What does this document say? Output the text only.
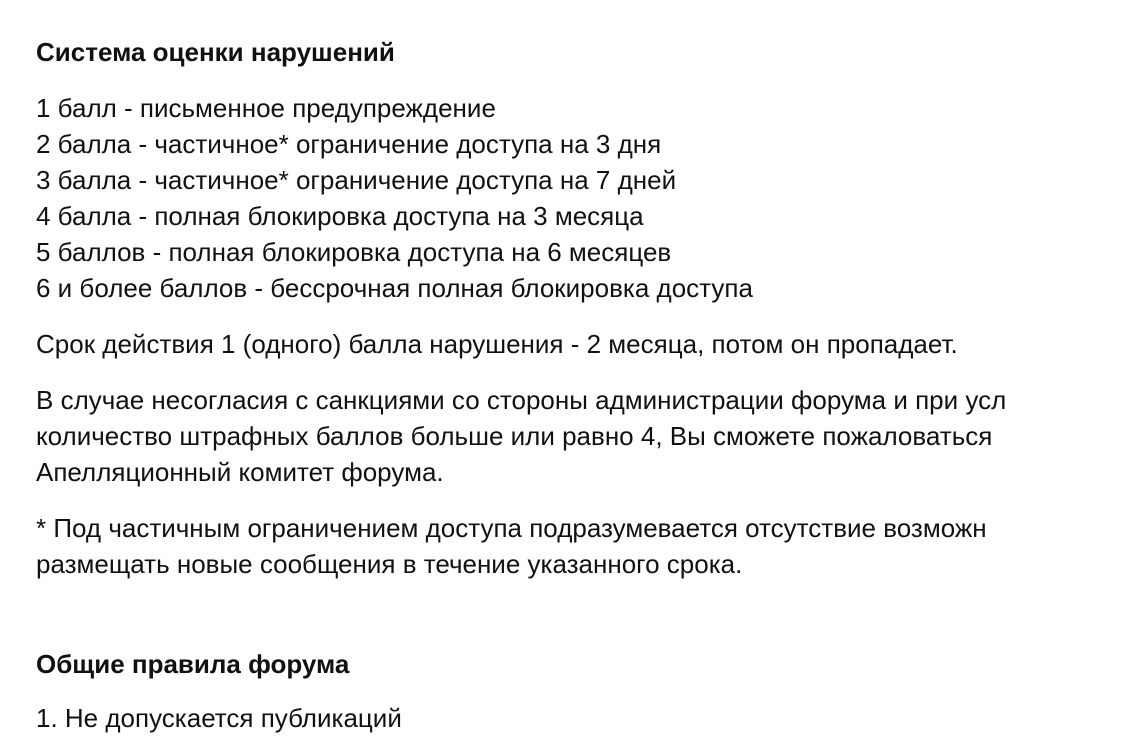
Система оценки нарушений
1 балл - письменное предупреждение
2 балла - частичное* ограничение доступа на 3 дня
3 балла - частичное* ограничение доступа на 7 дней
4 балла - полная блокировка доступа на 3 месяца
5 баллов - полная блокировка доступа на 6 месяцев
6 и более баллов - бессрочная полная блокировка доступа

Срок действия 1 (одного) балла нарушения - 2 месяца, потом он пропадает.

В случае несогласия с санкциями со стороны администрации форума и при усл
количество штрафных баллов больше или равно 4, Вы сможете пожаловаться
Апелляционный комитет форума.

* Под частичным ограничением доступа подразумевается отсутствие возможн
размещать новые сообщения в течение указанного срока.

Общие правила форума

1. Не допускается публикаций
